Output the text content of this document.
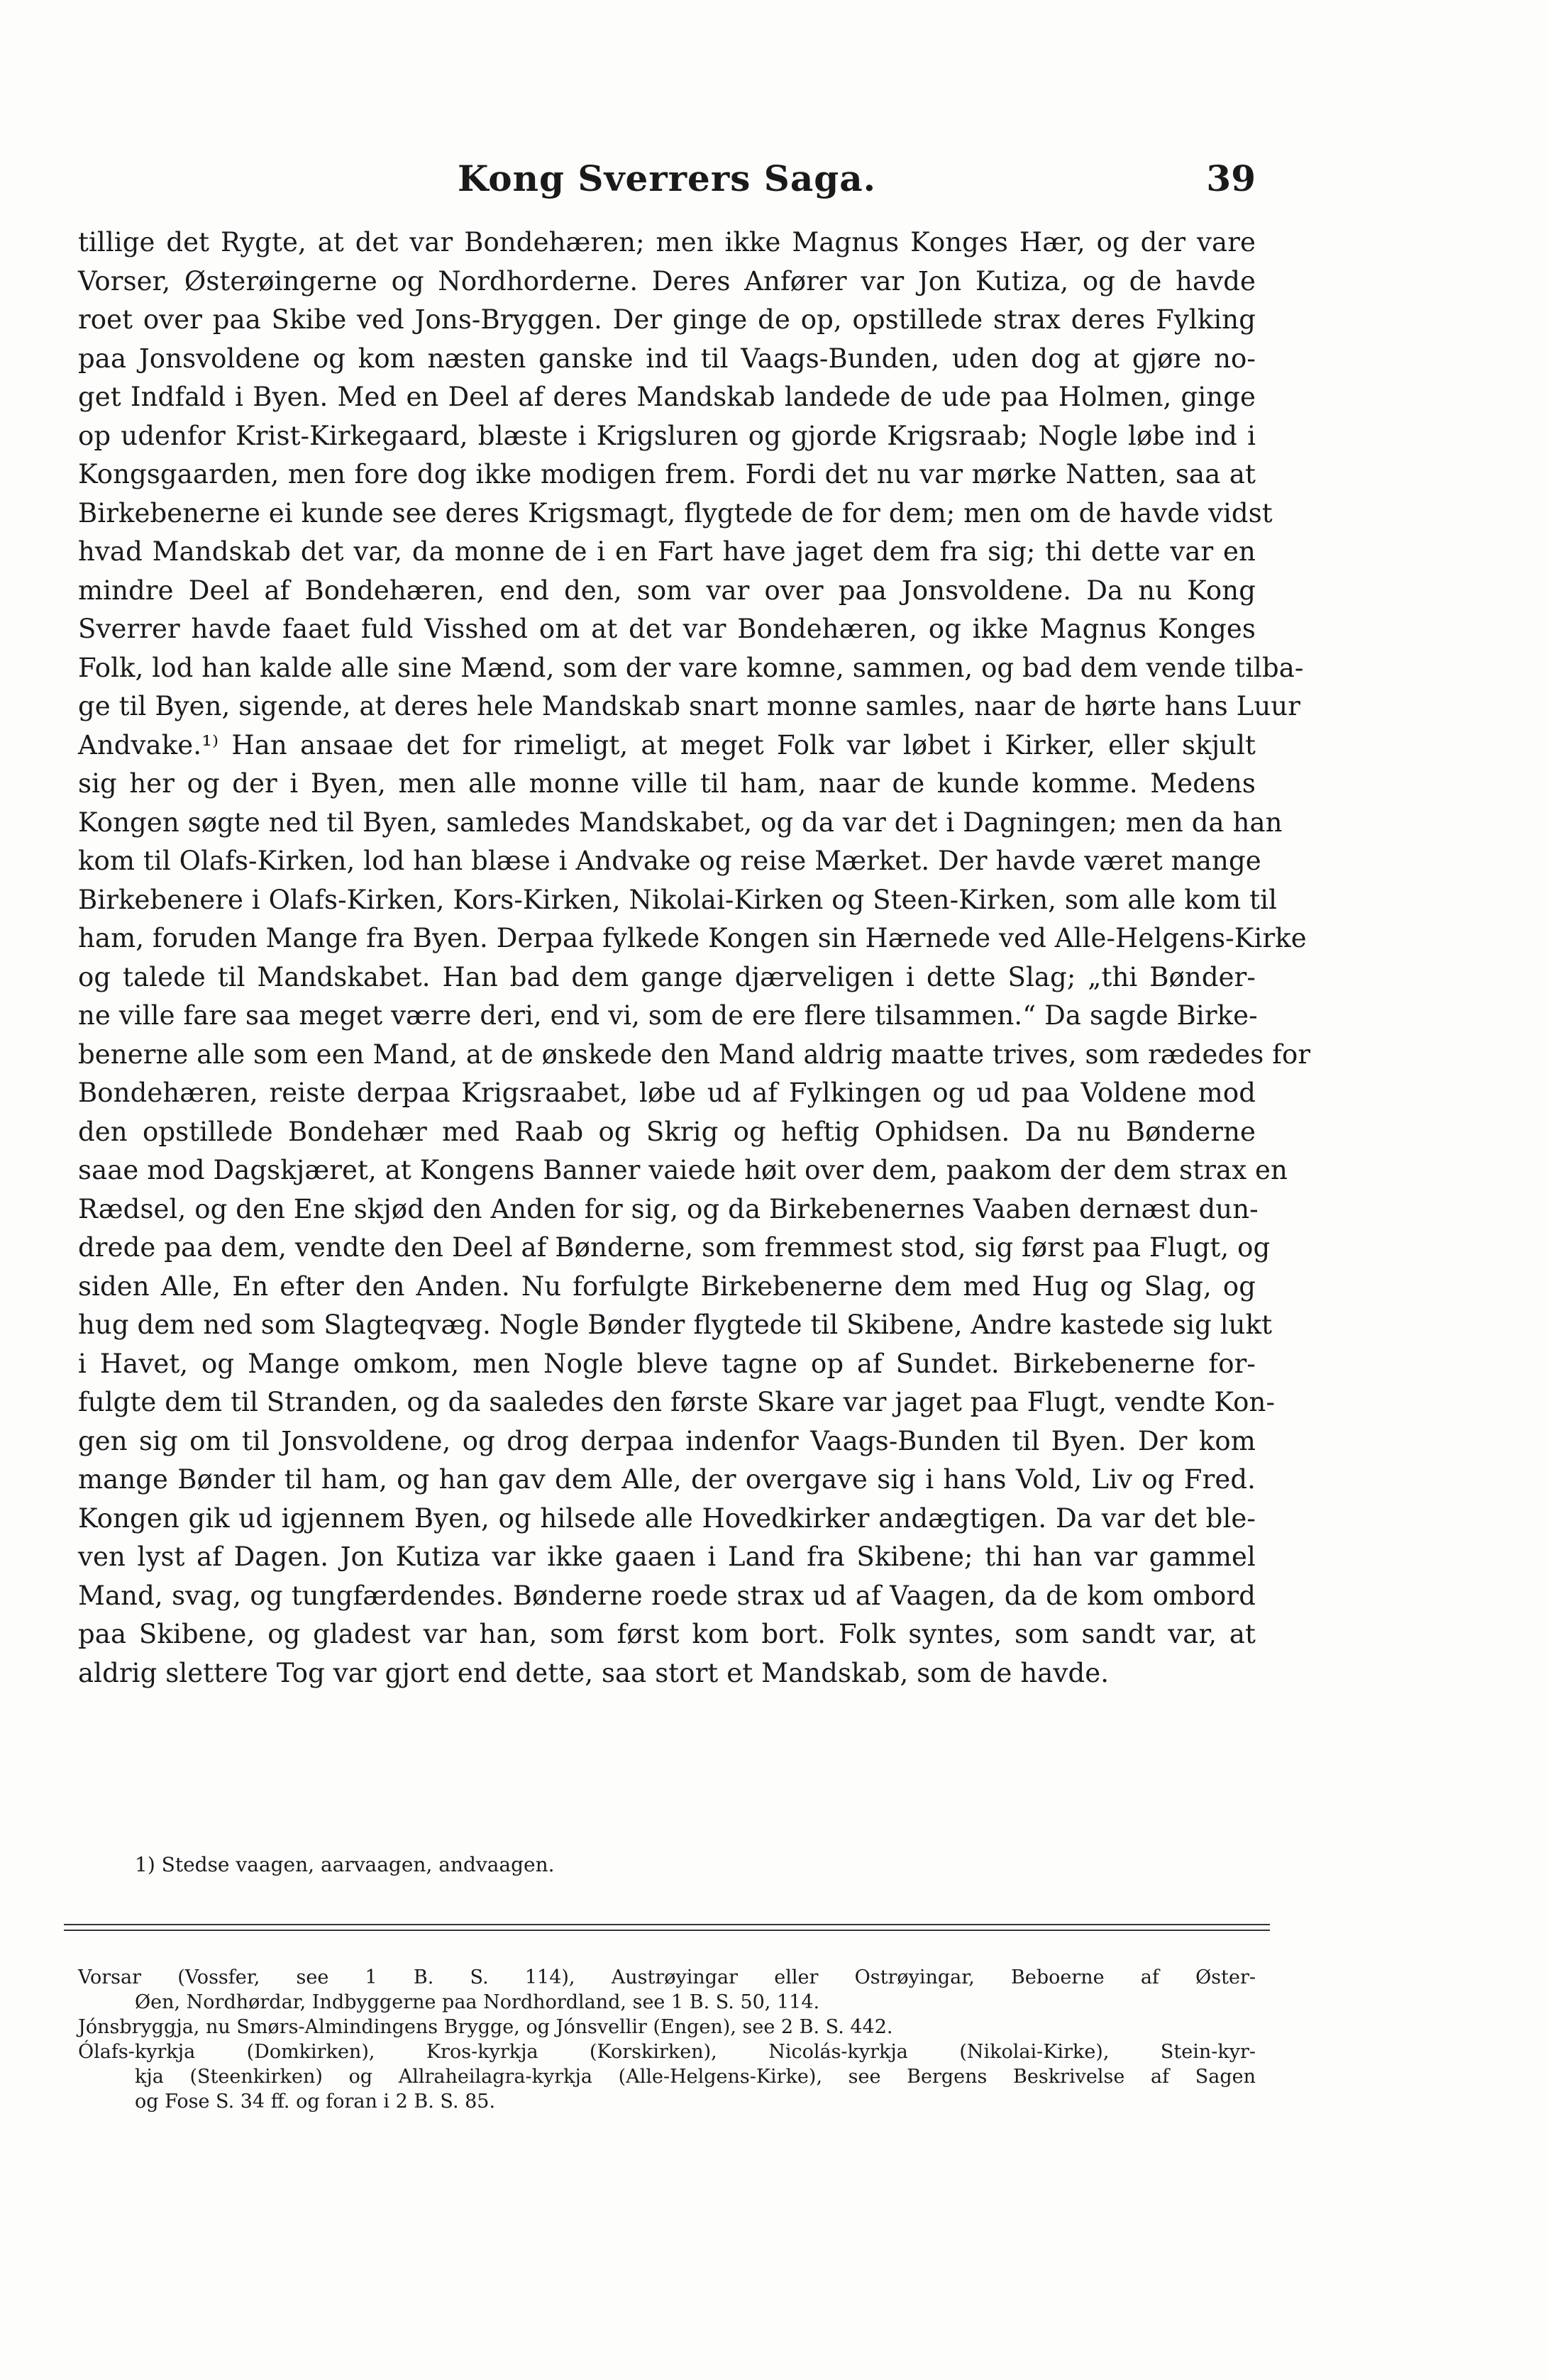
Kong Sverrers Saga.	39
tillige det Rygte, at det var Bondehæren; men ikke Magnus Konges Hær, og der vare
Vorser, Østerøingerne og Nordhorderne. Deres Anfører var Jon Kutiza, og de havde
roet over paa Skibe ved Jons-Bryggen. Der ginge de op, opstillede strax deres Fylking
paa Jonsvoldene og kom næsten ganske ind til Vaags-Bunden, uden dog at gjøre no-
get Indfald i Byen. Med en Deel af deres Mandskab landede de ude paa Holmen, ginge
op udenfor Krist-Kirkegaard, blæste i Krigsluren og gjorde Krigsraab; Nogle løbe ind i
Kongsgaarden, men fore dog ikke modigen frem. Fordi det nu var mørke Natten, saa at
Birkebenerne ei kunde see deres Krigsmagt, flygtede de for dem; men om de havde vidst
hvad Mandskab det var, da monne de i en Fart have jaget dem fra sig; thi dette var en
mindre Deel af Bondehæren, end den, som var over paa Jonsvoldene. Da nu Kong
Sverrer havde faaet fuld Visshed om at det var Bondehæren, og ikke Magnus Konges
Folk, lod han kalde alle sine Mænd, som der vare komne, sammen, og bad dem vende tilba-
ge til Byen, sigende, at deres hele Mandskab snart monne samles, naar de hørte hans Luur
Andvake.¹⁾ Han ansaae det for rimeligt, at meget Folk var løbet i Kirker, eller skjult
sig her og der i Byen, men alle monne ville til ham, naar de kunde komme. Medens
Kongen søgte ned til Byen, samledes Mandskabet, og da var det i Dagningen; men da han
kom til Olafs-Kirken, lod han blæse i Andvake og reise Mærket. Der havde været mange
Birkebenere i Olafs-Kirken, Kors-Kirken, Nikolai-Kirken og Steen-Kirken, som alle kom til
ham, foruden Mange fra Byen. Derpaa fylkede Kongen sin Hærnede ved Alle-Helgens-Kirke
og talede til Mandskabet. Han bad dem gange djærveligen i dette Slag; „thi Bønder-
ne ville fare saa meget værre deri, end vi, som de ere flere tilsammen.“ Da sagde Birke-
benerne alle som een Mand, at de ønskede den Mand aldrig maatte trives, som rædedes for
Bondehæren, reiste derpaa Krigsraabet, løbe ud af Fylkingen og ud paa Voldene mod
den opstillede Bondehær med Raab og Skrig og heftig Ophidsen. Da nu Bønderne
saae mod Dagskjæret, at Kongens Banner vaiede høit over dem, paakom der dem strax en
Rædsel, og den Ene skjød den Anden for sig, og da Birkebenernes Vaaben dernæst dun-
drede paa dem, vendte den Deel af Bønderne, som fremmest stod, sig først paa Flugt, og
siden Alle, En efter den Anden. Nu forfulgte Birkebenerne dem med Hug og Slag, og
hug dem ned som Slagteqvæg. Nogle Bønder flygtede til Skibene, Andre kastede sig lukt
i Havet, og Mange omkom, men Nogle bleve tagne op af Sundet. Birkebenerne for-
fulgte dem til Stranden, og da saaledes den første Skare var jaget paa Flugt, vendte Kon-
gen sig om til Jonsvoldene, og drog derpaa indenfor Vaags-Bunden til Byen. Der kom
mange Bønder til ham, og han gav dem Alle, der overgave sig i hans Vold, Liv og Fred.
Kongen gik ud igjennem Byen, og hilsede alle Hovedkirker andægtigen. Da var det ble-
ven lyst af Dagen. Jon Kutiza var ikke gaaen i Land fra Skibene; thi han var gammel
Mand, svag, og tungfærdendes. Bønderne roede strax ud af Vaagen, da de kom ombord
paa Skibene, og gladest var han, som først kom bort. Folk syntes, som sandt var, at
aldrig slettere Tog var gjort end dette, saa stort et Mandskab, som de havde.
1) Stedse vaagen, aarvaagen, andvaagen.
Vorsar (Vossfer, see 1 B. S. 114), Austrøyingar eller Ostrøyingar, Beboerne af Øster-
Øen, Nordhørdar, Indbyggerne paa Nordhordland, see 1 B. S. 50, 114.
Jónsbryggja, nu Smørs-Almindingens Brygge, og Jónsvellir (Engen), see 2 B. S. 442.
Ólafs-kyrkja (Domkirken), Kros-kyrkja (Korskirken), Nicolás-kyrkja (Nikolai-Kirke), Stein-kyr-
kja (Steenkirken) og Allraheilagra-kyrkja (Alle-Helgens-Kirke), see Bergens Beskrivelse af Sagen
og Fose S. 34 ff. og foran i 2 B. S. 85.
